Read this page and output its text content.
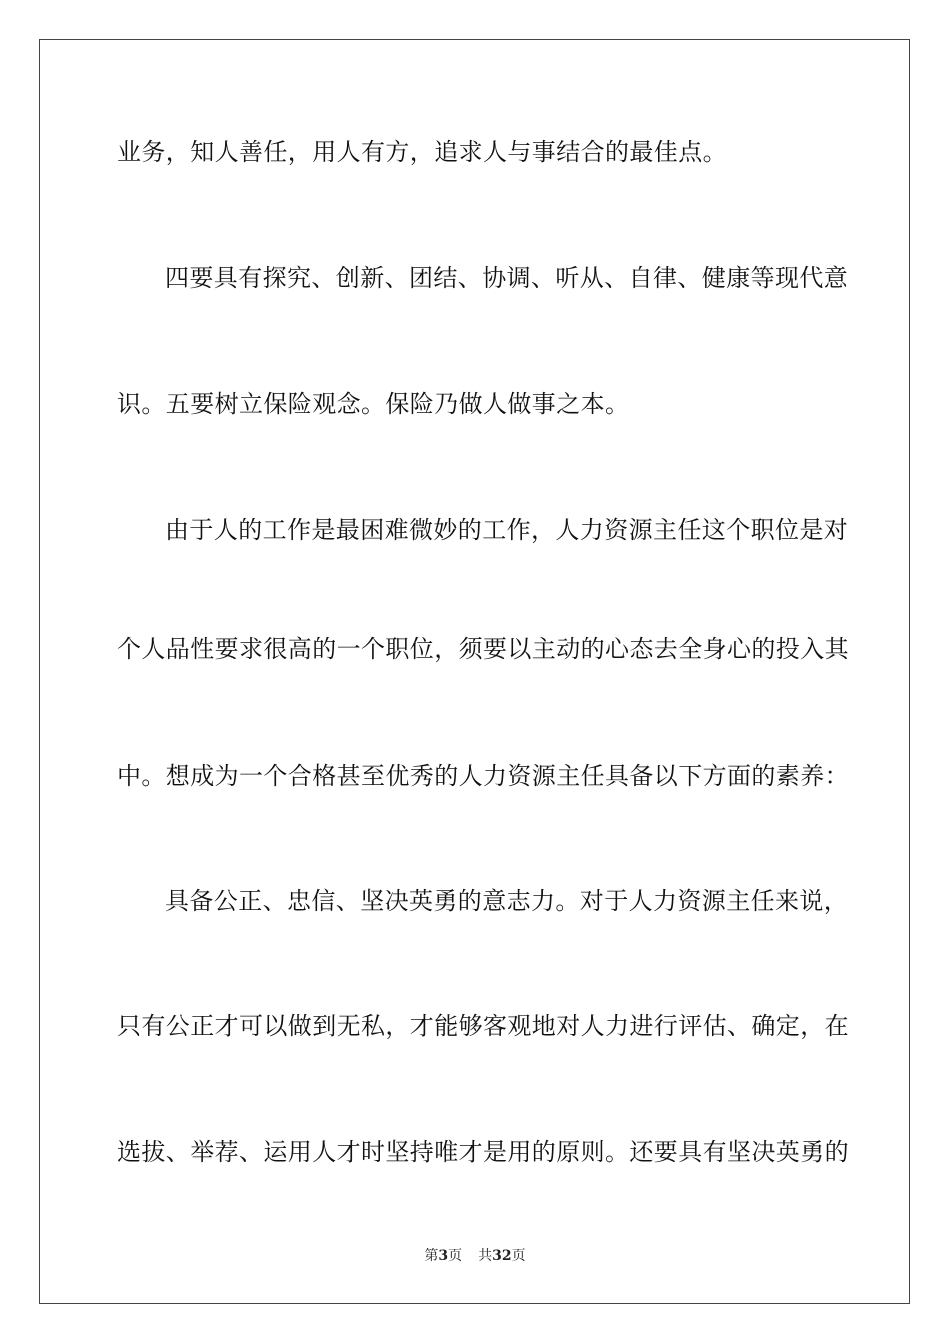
业务，知人善任，用人有方，追求人与事结合的最佳点。
四要具有探究、创新、团结、协调、听从、自律、健康等现代意
识。五要树立保险观念。保险乃做人做事之本。
由于人的工作是最困难微妙的工作，人力资源主任这个职位是对
个人品性要求很高的一个职位，须要以主动的心态去全身心的投入其
中。想成为一个合格甚至优秀的人力资源主任具备以下方面的素养：
具备公正、忠信、坚决英勇的意志力。对于人力资源主任来说，
只有公正才可以做到无私，才能够客观地对人力进行评估、确定，在
选拔、举荐、运用人才时坚持唯才是用的原则。还要具有坚决英勇的
第3页 共32页
